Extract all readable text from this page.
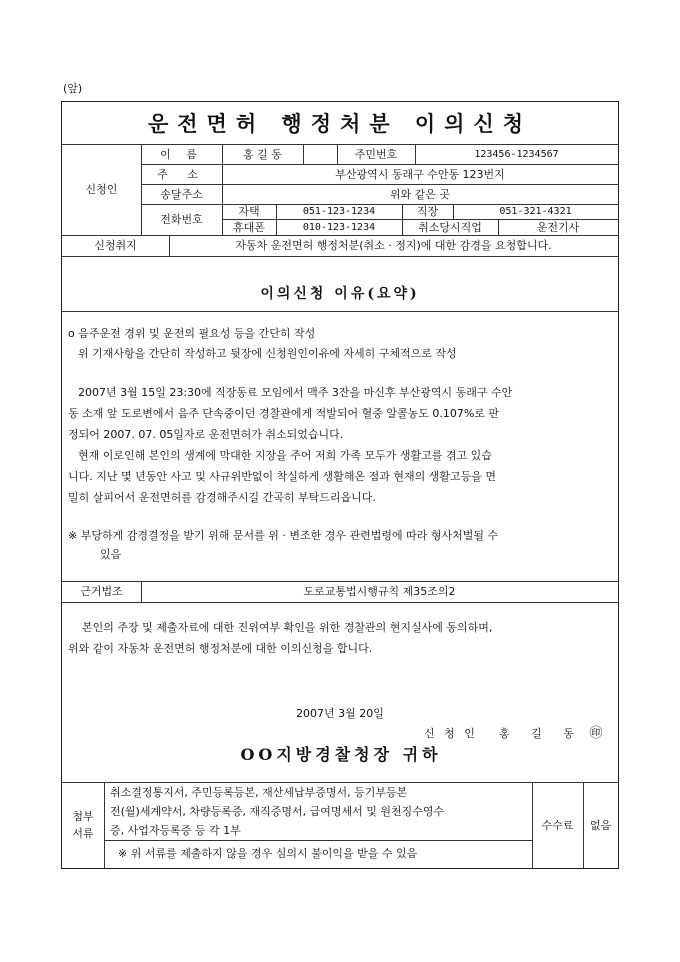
(앞)
운전면허 행정처분 이의신청
신청인
이 름	홍 길 동	주민번호	123456-1234567
주 소	부산광역시 동래구 수안동 123번지
송달주소	위와 같은 곳
전화번호
자택	051-123-1234	직장	051-321-4321
휴대폰	010-123-1234	취소당시직업	운전기사
신청취지	자동차 운전면허 행정처분(취소 · 정지)에 대한 감경을 요청합니다.
이의신청 이유(요약)
o 음주운전 경위 및 운전의 필요성 등을 간단히 작성
위 기재사항을 간단히 작성하고 뒷장에 신청원인이유에 자세히 구체적으로 작성
2007년 3월 15일 23:30에 직장동료 모임에서 맥주 3잔을 마신후 부산광역시 동래구 수안
동 소재 앞 도로변에서 음주 단속중이던 경찰관에게 적발되어 혈중 알콜농도 0.107%로 판
정되어 2007. 07. 05일자로 운전면허가 취소되었습니다.
현재 이로인해 본인의 생계에 막대한 지장을 주어 저희 가족 모두가 생활고를 겪고 있습
니다. 지난 몇 년동안 사고 및 사규위반없이 착실하게 생활해온 점과 현재의 생활고등을 면
밀히 살피어서 운전면허를 감경해주시길 간곡히 부탁드리옵니다.
※ 부당하게 감경결정을 받기 위해 문서를 위 · 변조한 경우 관련법령에 따라 형사처벌될 수
있음
근거법조	도로교통법시행규칙 제35조의2
본인의 주장 및 제출자료에 대한 진위여부 확인을 위한 경찰관의 현지실사에 동의하며,
위와 같이 자동차 운전면허 행정처분에 대한 이의신청을 합니다.
2007년 3월 20일
신 청 인	홍 길 동 ㊞
OO지방경찰청장 귀하
첨부
서류
취소결정통지서, 주민등록등본, 재산세납부증명서, 등기부등본
전(월)세계약서, 차량등록증, 재직증명서, 급여명세서 및 원천징수영수
증, 사업자등록증 등 각 1부
※ 위 서류를 제출하지 않을 경우 심의시 불이익을 받을 수 있음
수수료	없음
